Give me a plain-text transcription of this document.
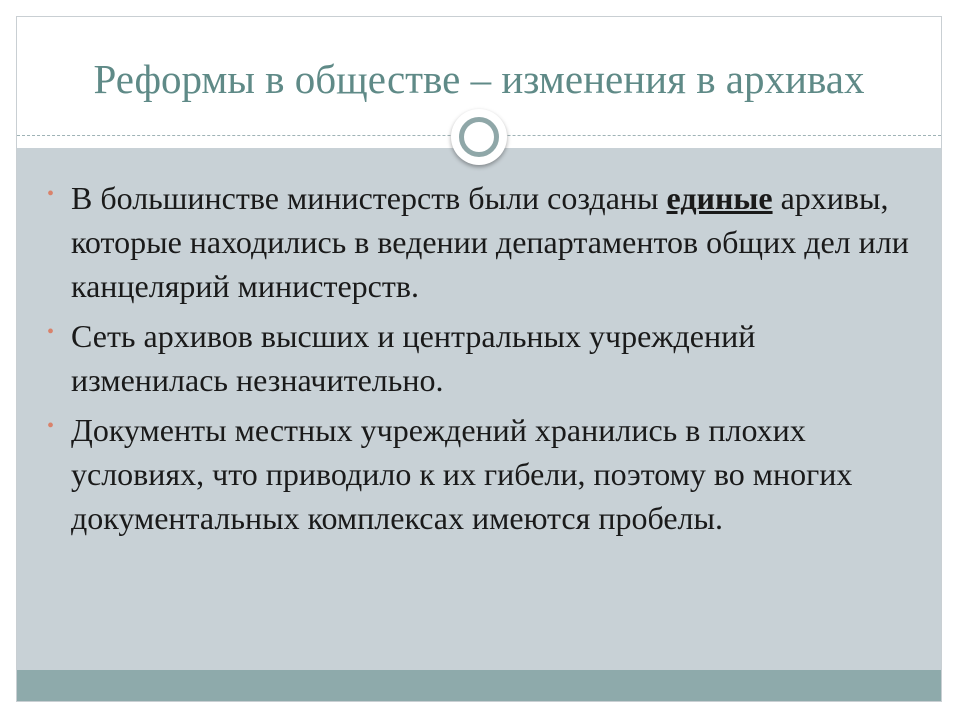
Реформы в обществе – изменения в архивах
• В большинстве министерств были созданы единые архивы, которые находились в ведении департаментов общих дел или канцелярий министерств.
• Сеть архивов высших и центральных учреждений изменилась незначительно.
• Документы местных учреждений хранились в плохих условиях, что приводило к их гибели, поэтому во многих документальных комплексах имеются пробелы.
